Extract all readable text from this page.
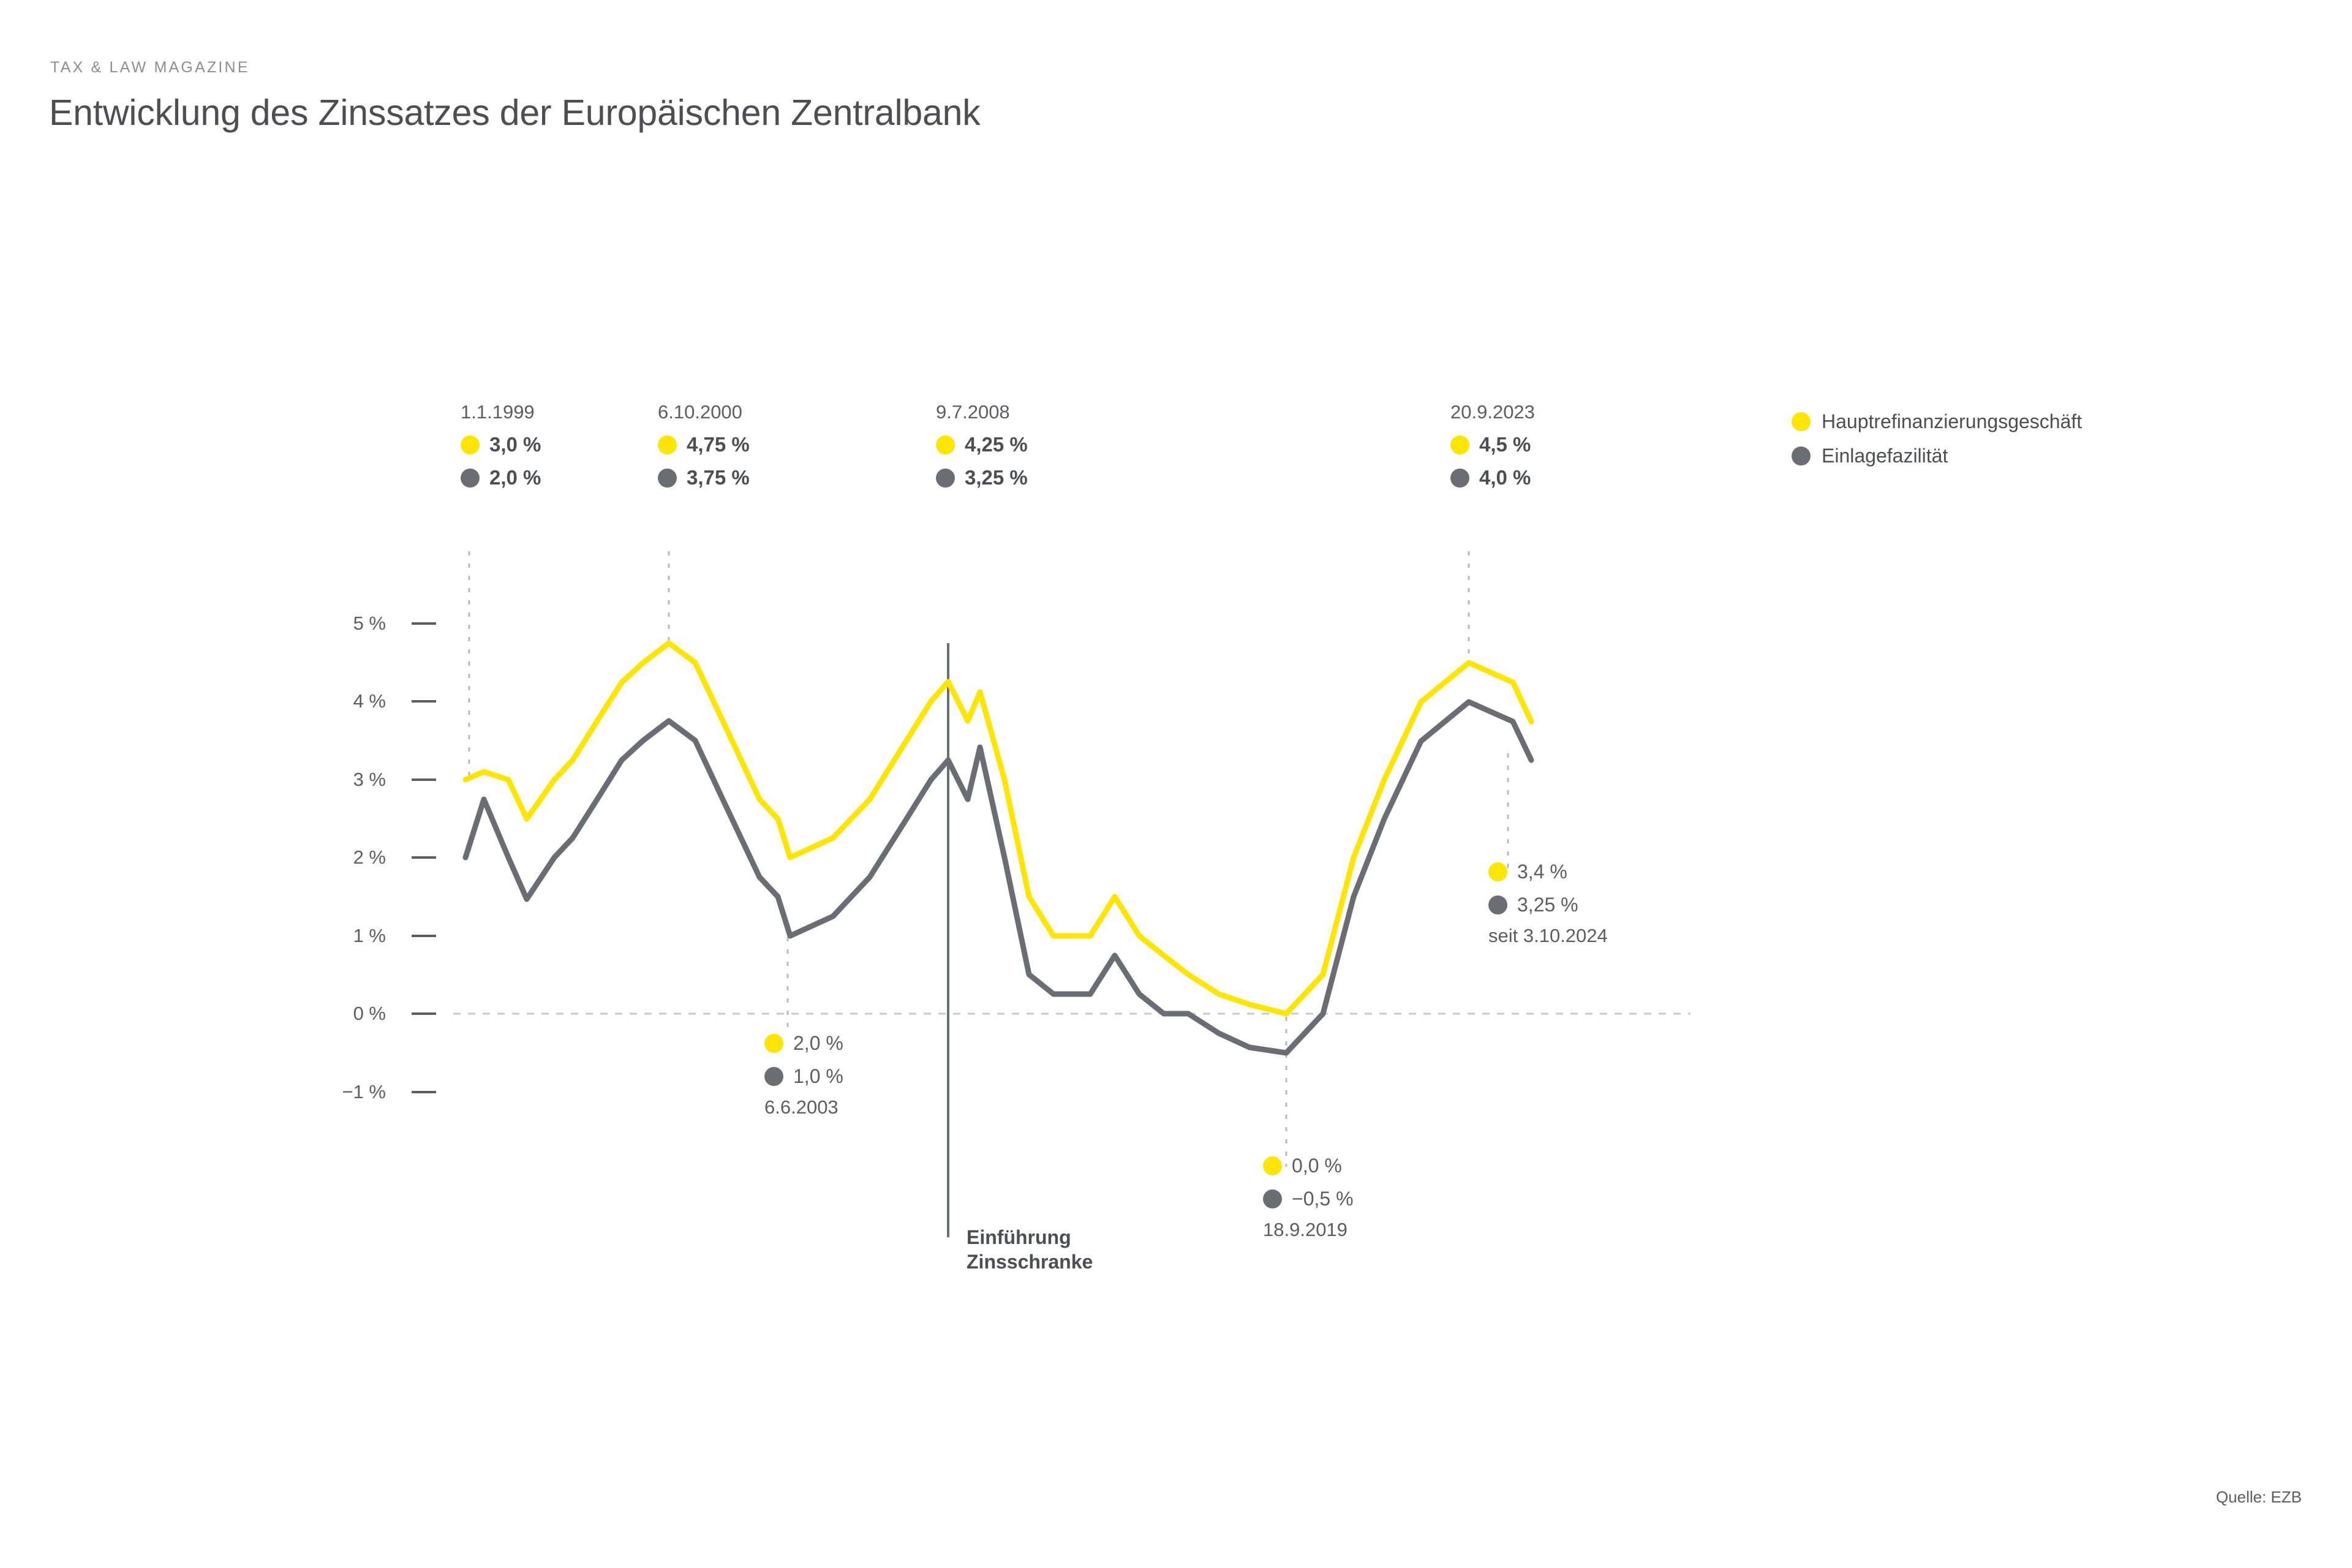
TAX & LAW MAGAZINE
Entwicklung des Zinssatzes der Europäischen Zentralbank
5 %
4 %
3 %
2 %
1 %
0 %
−1 %
1.1.1999
3,0 %
2,0 %
6.10.2000
4,75 %
3,75 %
9.7.2008
4,25 %
3,25 %
20.9.2023
4,5 %
4,0 %
2,0 %
1,0 %
6.6.2003
0,0 %
−0,5 %
18.9.2019
3,4 %
3,25 %
seit 3.10.2024
Einführung
Zinsschranke
Hauptrefinanzierungsgeschäft
Einlagefazilität
Quelle: EZB
